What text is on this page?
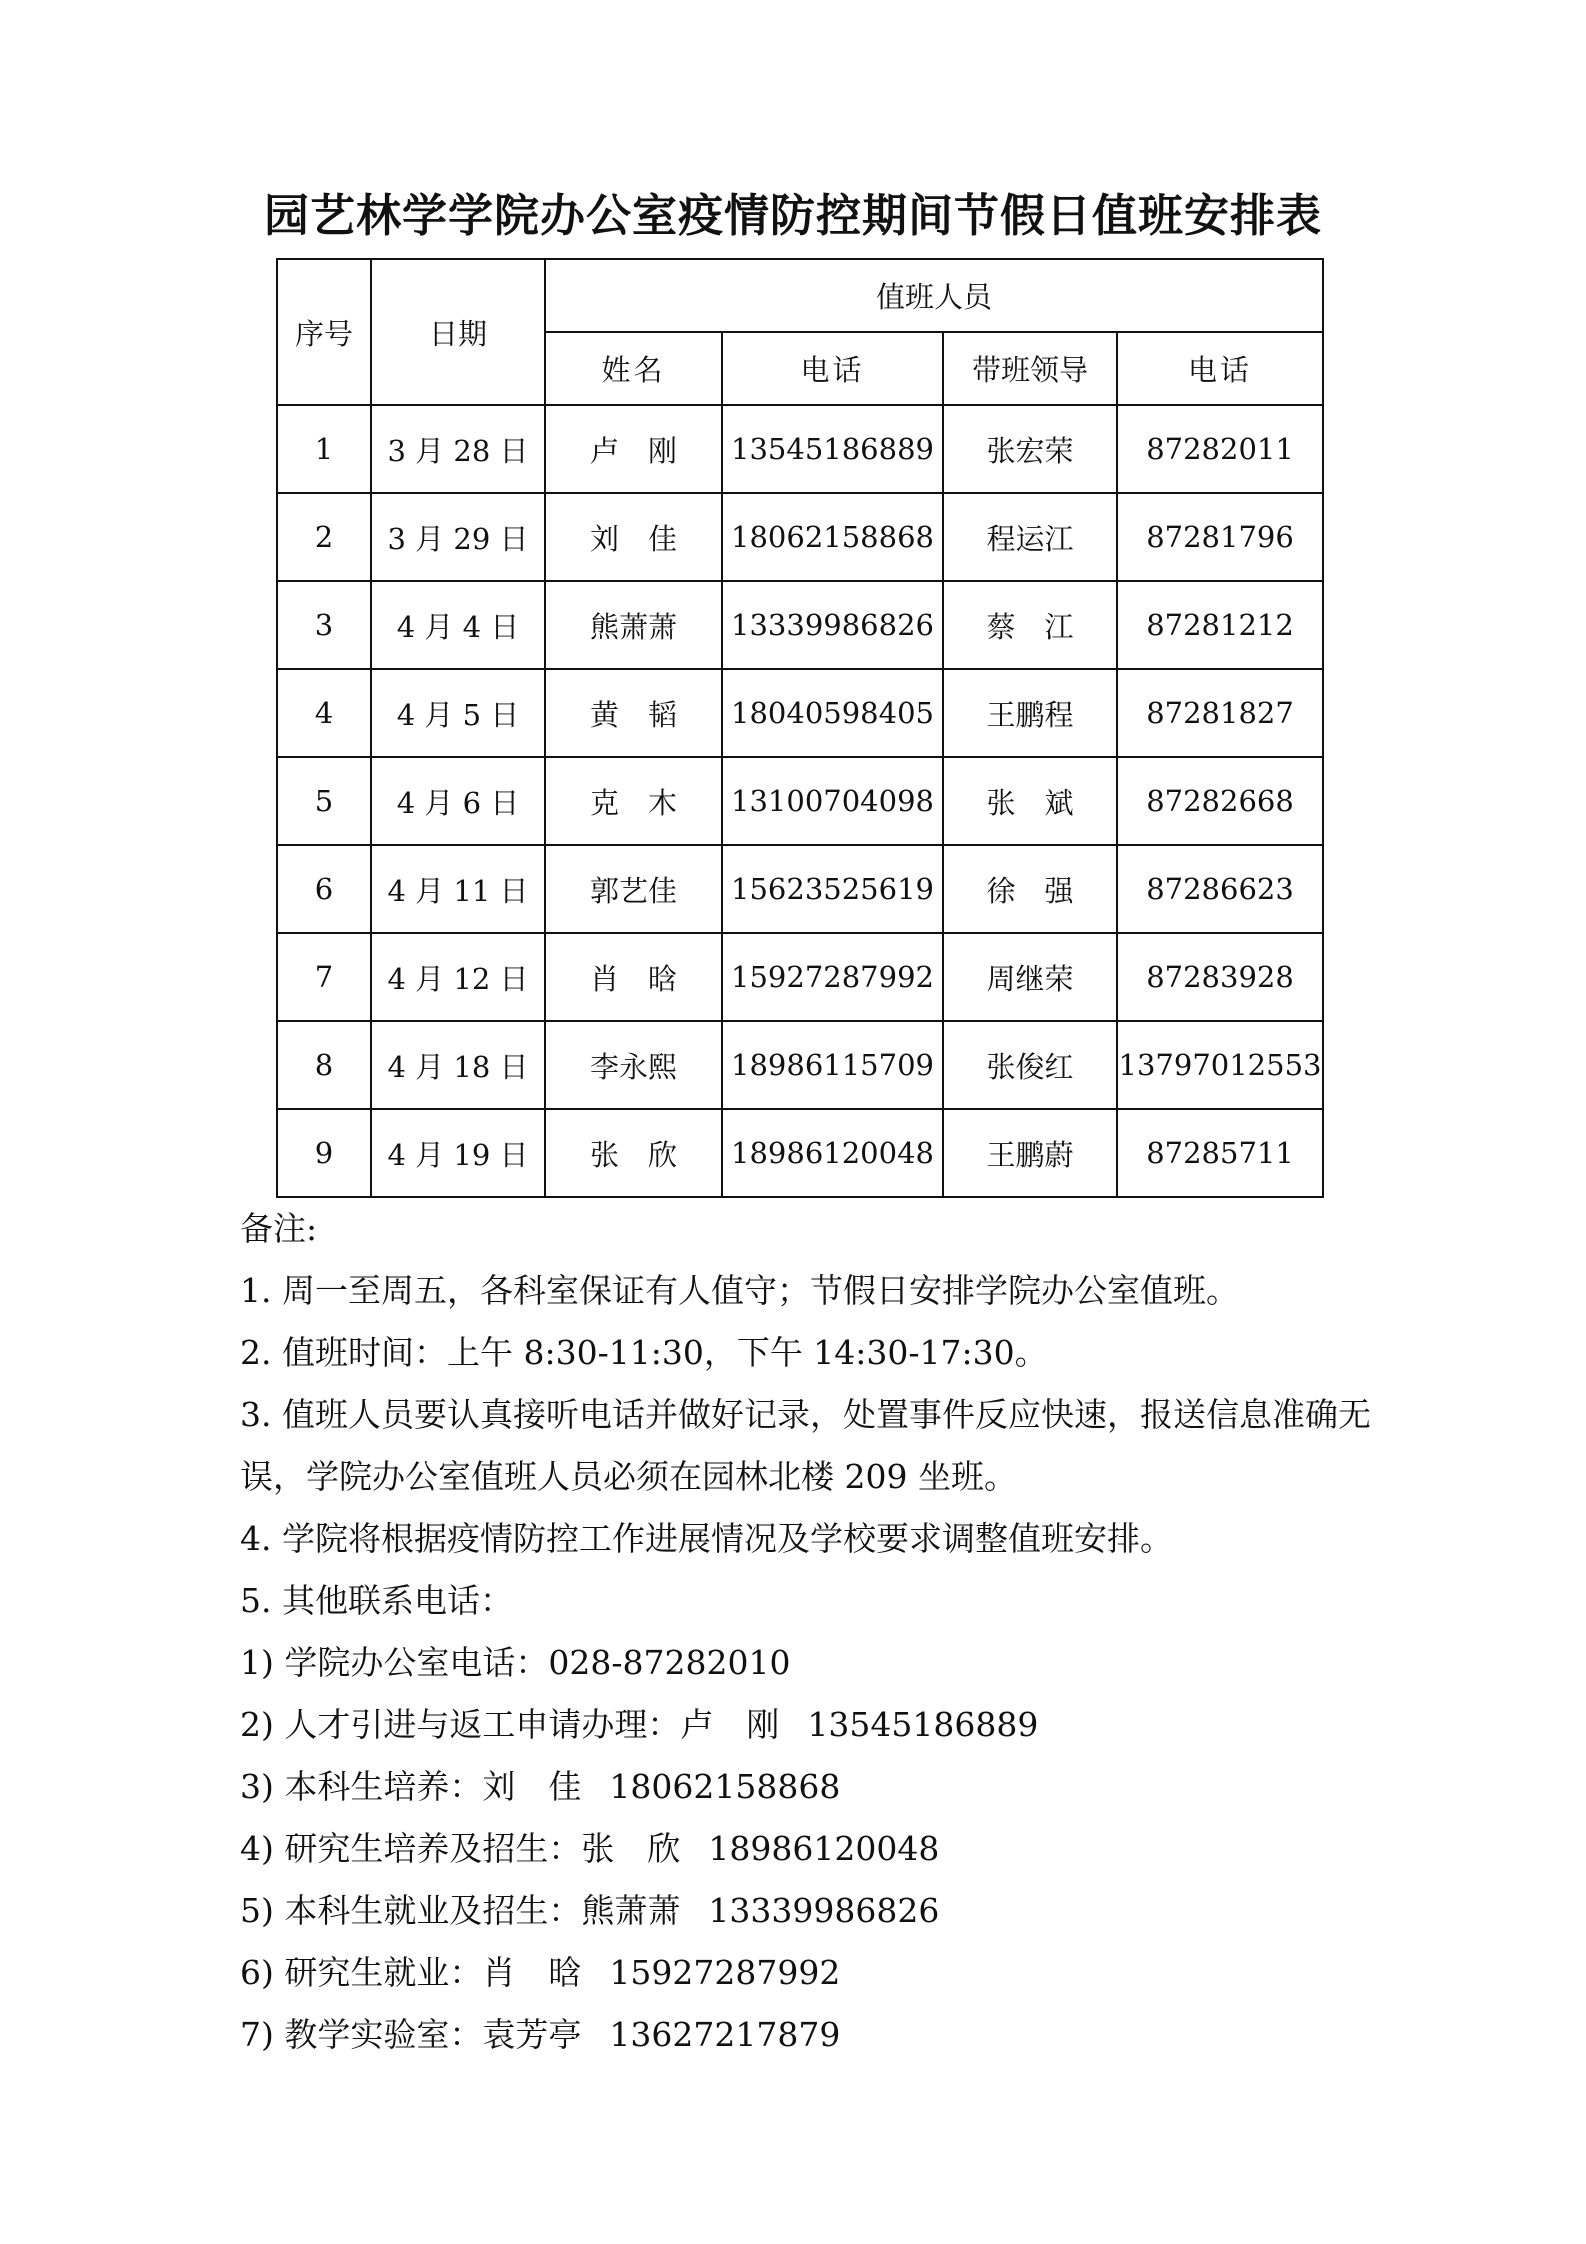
园艺林学学院办公室疫情防控期间节假日值班安排表
序号	日期	值班人员			
		姓名	电话	带班领导	电话
1	3 月 28 日	卢　刚	13545186889	张宏荣	87282011
2	3 月 29 日	刘　佳	18062158868	程运江	87281796
3	4 月 4 日	熊萧萧	13339986826	蔡　江	87281212
4	4 月 5 日	黄　韬	18040598405	王鹏程	87281827
5	4 月 6 日	克　木	13100704098	张　斌	87282668
6	4 月 11 日	郭艺佳	15623525619	徐　强	87286623
7	4 月 12 日	肖　晗	15927287992	周继荣	87283928
8	4 月 18 日	李永熙	18986115709	张俊红	13797012553
9	4 月 19 日	张　欣	18986120048	王鹏蔚	87285711

备注:

1. 周一至周五，各科室保证有人值守；节假日安排学院办公室值班。

2. 值班时间：上午 8:30-11:30，下午 14:30-17:30。

3. 值班人员要认真接听电话并做好记录，处置事件反应快速，报送信息准确无误，学院办公室值班人员必须在园林北楼 209 坐班。

4. 学院将根据疫情防控工作进展情况及学校要求调整值班安排。

5. 其他联系电话：

1) 学院办公室电话：028-87282010

2) 人才引进与返工申请办理：卢　刚 13545186889

3) 本科生培养：刘　佳 18062158868

4) 研究生培养及招生：张　欣 18986120048

5) 本科生就业及招生：熊萧萧 13339986826

6) 研究生就业：肖　晗 15927287992

7) 教学实验室：袁芳亭 13627217879
